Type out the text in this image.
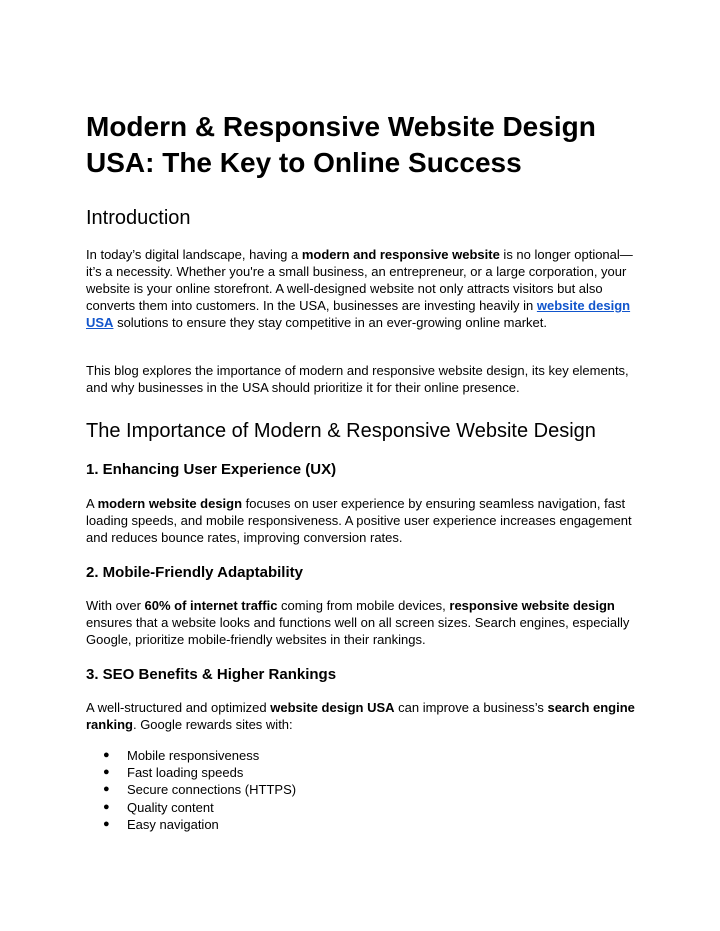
Modern & Responsive Website Design USA: The Key to Online Success
Introduction

In today’s digital landscape, having a modern and responsive website is no longer optional—it’s a necessity. Whether you're a small business, an entrepreneur, or a large corporation, your website is your online storefront. A well-designed website not only attracts visitors but also converts them into customers. In the USA, businesses are investing heavily in website design USA solutions to ensure they stay competitive in an ever-growing online market.

This blog explores the importance of modern and responsive website design, its key elements, and why businesses in the USA should prioritize it for their online presence.

The Importance of Modern & Responsive Website Design
1. Enhancing User Experience (UX)

A modern website design focuses on user experience by ensuring seamless navigation, fast loading speeds, and mobile responsiveness. A positive user experience increases engagement and reduces bounce rates, improving conversion rates.

2. Mobile-Friendly Adaptability

With over 60% of internet traffic coming from mobile devices, responsive website design ensures that a website looks and functions well on all screen sizes. Search engines, especially Google, prioritize mobile-friendly websites in their rankings.

3. SEO Benefits & Higher Rankings

A well-structured and optimized website design USA can improve a business’s search engine ranking. Google rewards sites with:

● Mobile responsiveness
● Fast loading speeds
● Secure connections (HTTPS)
● Quality content
● Easy navigation
